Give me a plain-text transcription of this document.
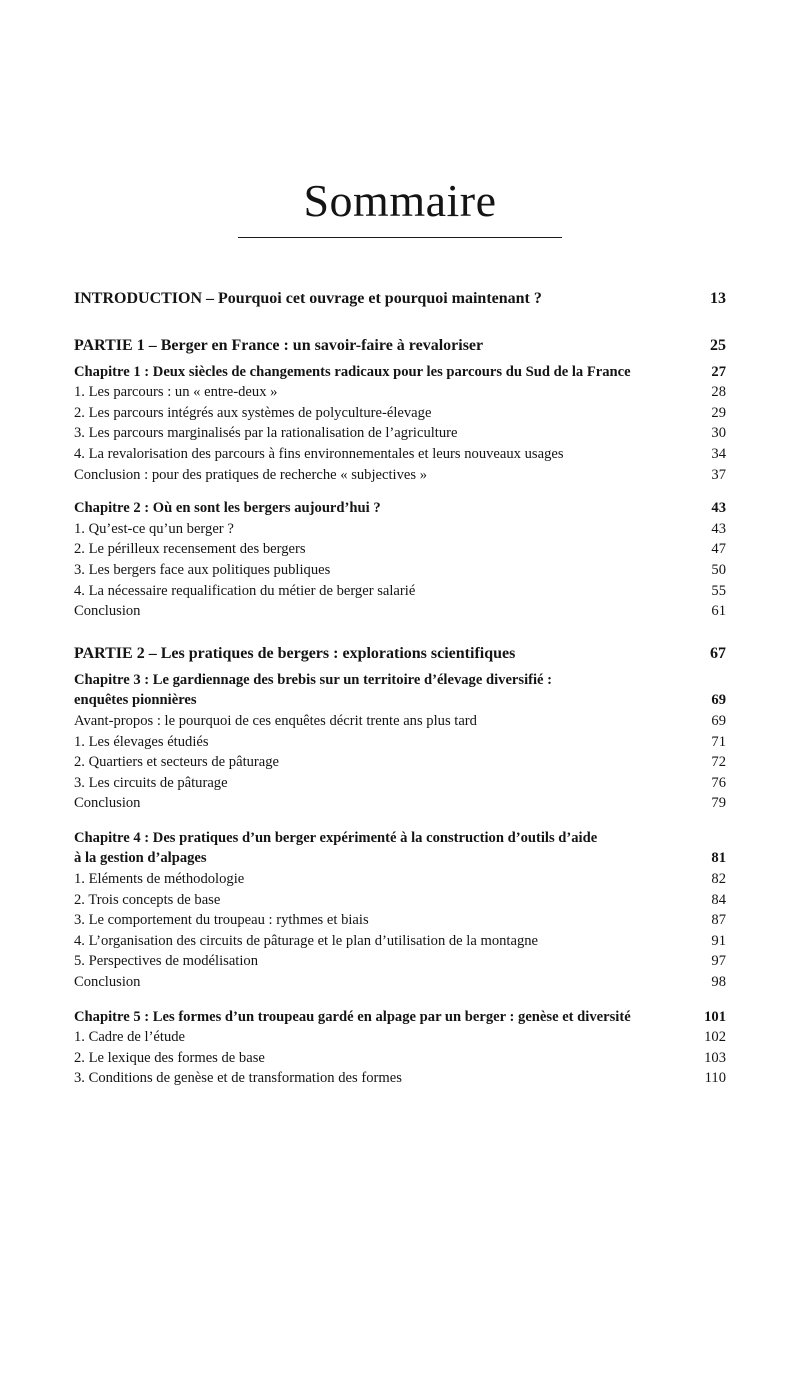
Sommaire
INTRODUCTION – Pourquoi cet ouvrage et pourquoi maintenant ?	13
PARTIE 1 – Berger en France : un savoir-faire à revaloriser	25
Chapitre 1 : Deux siècles de changements radicaux pour les parcours du Sud de la France	27
1. Les parcours : un « entre-deux »	28
2. Les parcours intégrés aux systèmes de polyculture-élevage	29
3. Les parcours marginalisés par la rationalisation de l’agriculture	30
4. La revalorisation des parcours à fins environnementales et leurs nouveaux usages	34
Conclusion : pour des pratiques de recherche « subjectives »	37
Chapitre 2 : Où en sont les bergers aujourd’hui ?	43
1. Qu’est-ce qu’un berger ?	43
2. Le périlleux recensement des bergers	47
3. Les bergers face aux politiques publiques	50
4. La nécessaire requalification du métier de berger salarié	55
Conclusion	61
PARTIE 2 – Les pratiques de bergers : explorations scientifiques	67
Chapitre 3 : Le gardiennage des brebis sur un territoire d’élevage diversifié :
enquêtes pionnières	69
Avant-propos : le pourquoi de ces enquêtes décrit trente ans plus tard	69
1. Les élevages étudiés	71
2. Quartiers et secteurs de pâturage	72
3. Les circuits de pâturage	76
Conclusion	79
Chapitre 4 : Des pratiques d’un berger expérimenté à la construction d’outils d’aide
à la gestion d’alpages	81
1. Eléments de méthodologie	82
2. Trois concepts de base	84
3. Le comportement du troupeau : rythmes et biais	87
4. L’organisation des circuits de pâturage et le plan d’utilisation de la montagne	91
5. Perspectives de modélisation	97
Conclusion	98
Chapitre 5 : Les formes d’un troupeau gardé en alpage par un berger : genèse et diversité	101
1. Cadre de l’étude	102
2. Le lexique des formes de base	103
3. Conditions de genèse et de transformation des formes	110
